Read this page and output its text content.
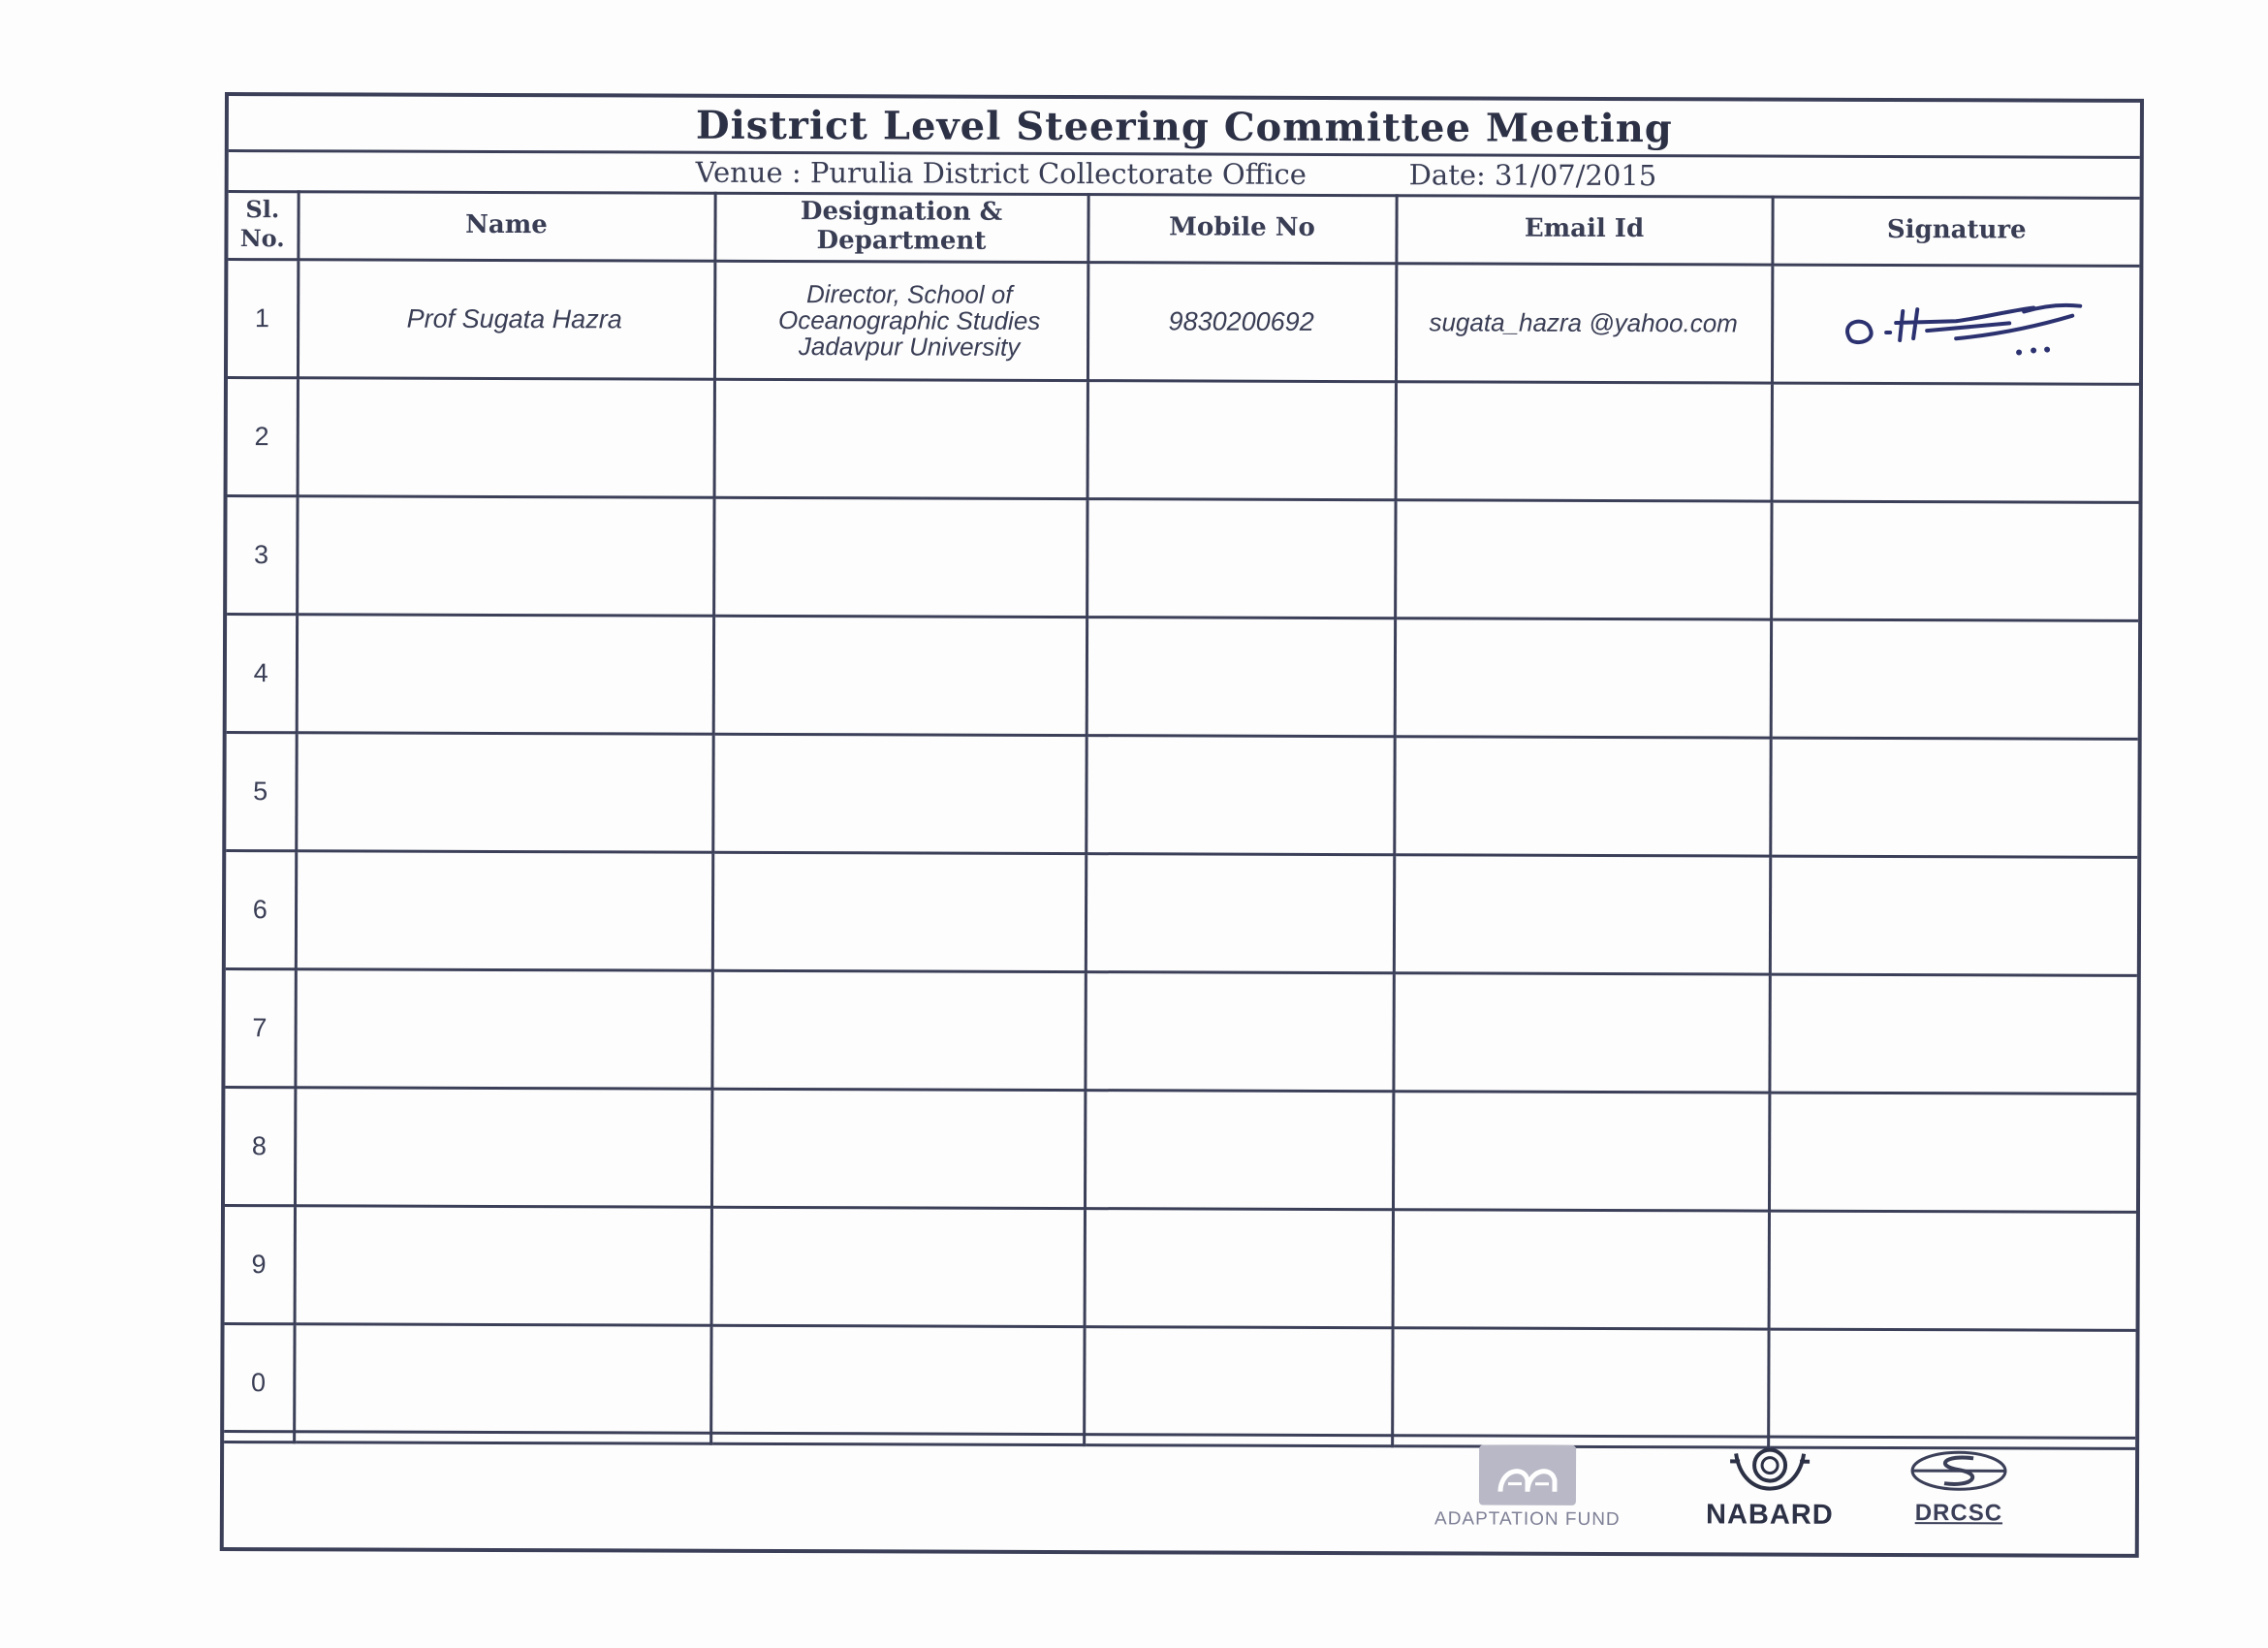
District Level Steering Committee Meeting
Venue : Purulia District Collectorate Office	Date: 31/07/2015
Sl. No.	Name	Designation & Department	Mobile No	Email Id	Signature
1	Prof Sugata Hazra	Director, School of Oceanographic Studies Jadavpur University	9830200692	sugata_hazra @yahoo.com	
2					
3					
4					
5					
6					
7					
8					
9					
0					
ADAPTATION FUND	NABARD	DRCSC
